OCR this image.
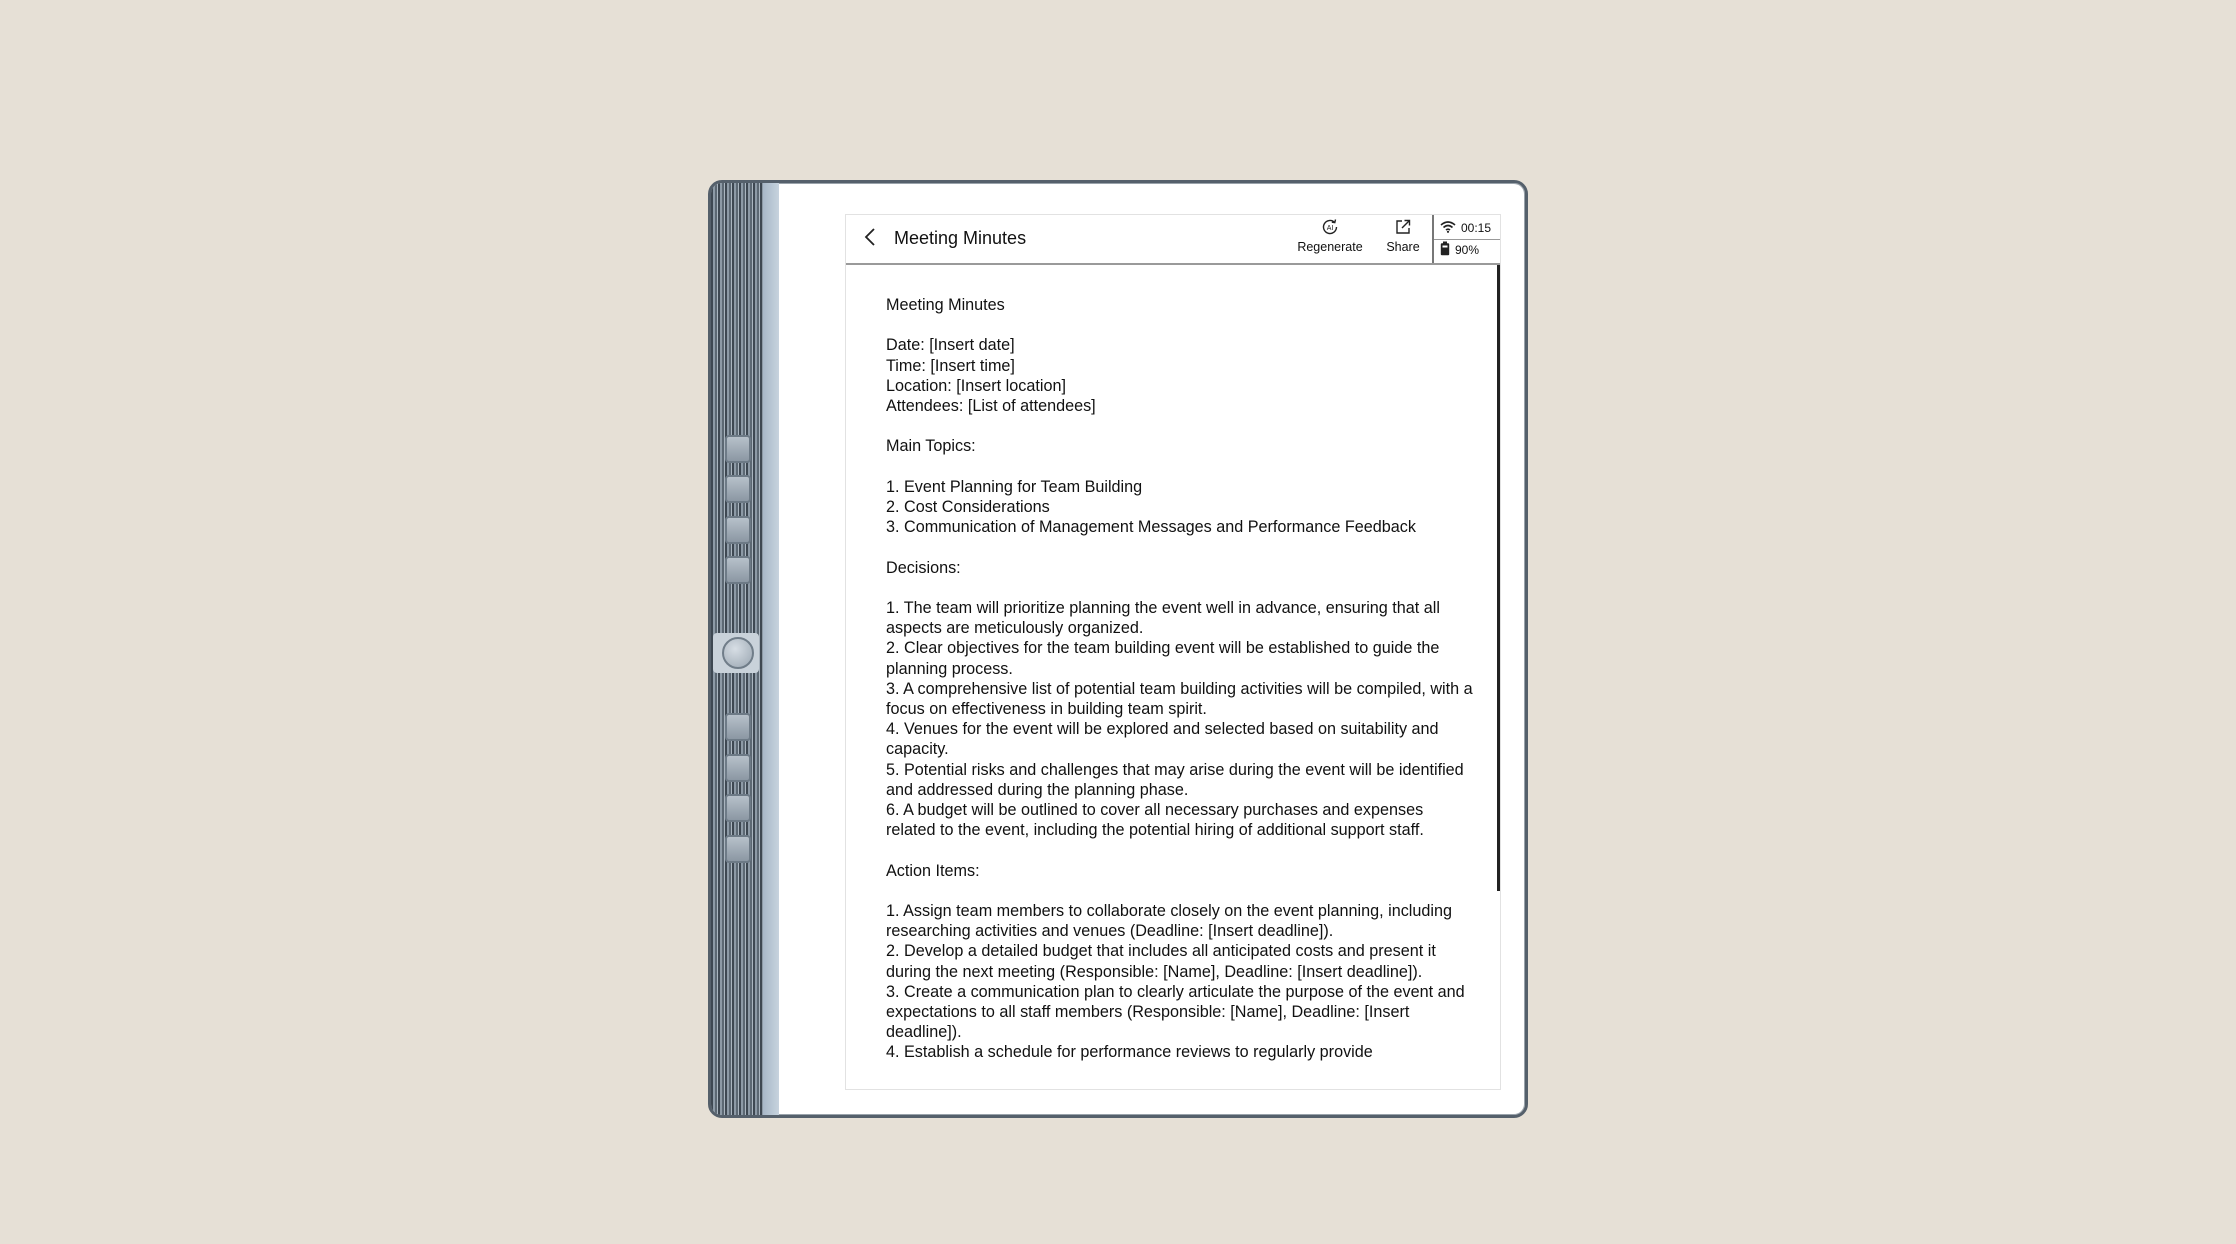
Meeting Minutes	AI
Regenerate Share
00:15
90%

Meeting Minutes

Date: [Insert date]
Time: [Insert time]
Location: [Insert location]
Attendees: [List of attendees]

Main Topics:

1. Event Planning for Team Building
2. Cost Considerations
3. Communication of Management Messages and Performance Feedback

Decisions:

1. The team will prioritize planning the event well in advance, ensuring that all aspects are meticulously organized.
2. Clear objectives for the team building event will be established to guide the planning process.
3. A comprehensive list of potential team building activities will be compiled, with a focus on effectiveness in building team spirit.
4. Venues for the event will be explored and selected based on suitability and capacity.
5. Potential risks and challenges that may arise during the event will be identified and addressed during the planning phase.
6. A budget will be outlined to cover all necessary purchases and expenses related to the event, including the potential hiring of additional support staff.

Action Items:

1. Assign team members to collaborate closely on the event planning, including researching activities and venues (Deadline: [Insert deadline]).
2. Develop a detailed budget that includes all anticipated costs and present it during the next meeting (Responsible: [Name], Deadline: [Insert deadline]).
3. Create a communication plan to clearly articulate the purpose of the event and expectations to all staff members (Responsible: [Name], Deadline: [Insert deadline]).
4. Establish a schedule for performance reviews to regularly provide
